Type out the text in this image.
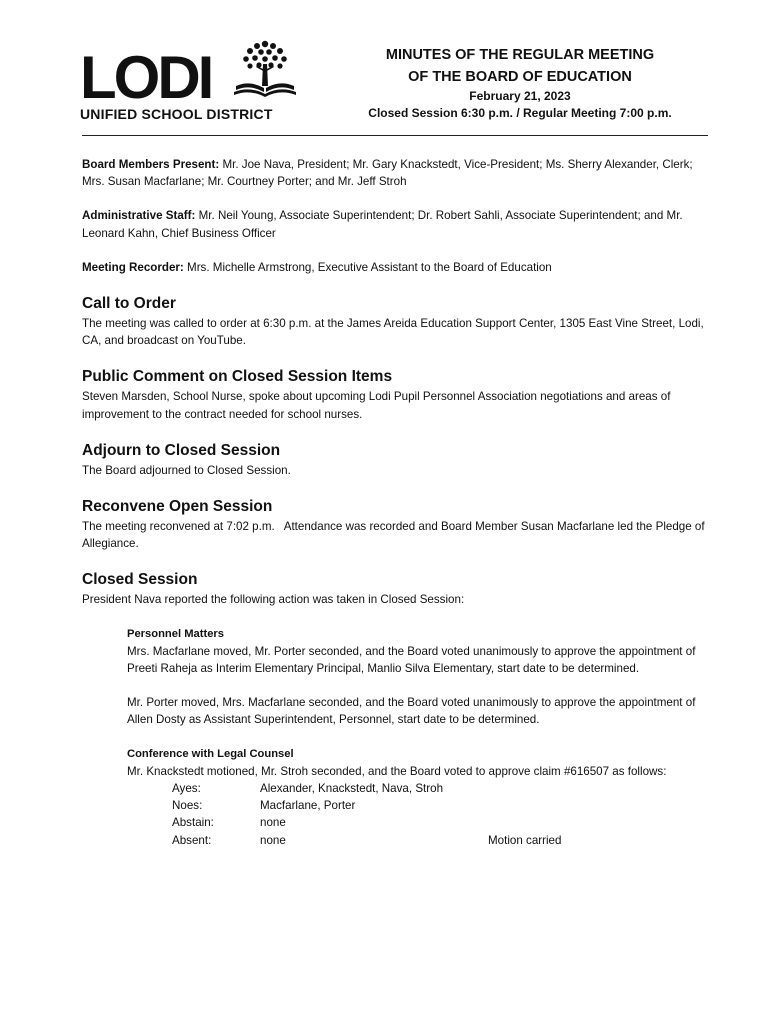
LODI
UNIFIED SCHOOL DISTRICT
MINUTES OF THE REGULAR MEETING
OF THE BOARD OF EDUCATION
February 21, 2023
Closed Session 6:30 p.m. / Regular Meeting 7:00 p.m.

Board Members Present: Mr. Joe Nava, President; Mr. Gary Knackstedt, Vice-President; Ms. Sherry Alexander, Clerk; Mrs. Susan Macfarlane; Mr. Courtney Porter; and Mr. Jeff Stroh

Administrative Staff: Mr. Neil Young, Associate Superintendent; Dr. Robert Sahli, Associate Superintendent; and Mr. Leonard Kahn, Chief Business Officer

Meeting Recorder: Mrs. Michelle Armstrong, Executive Assistant to the Board of Education

Call to Order

The meeting was called to order at 6:30 p.m. at the James Areida Education Support Center, 1305 East Vine Street, Lodi, CA, and broadcast on YouTube.

Public Comment on Closed Session Items

Steven Marsden, School Nurse, spoke about upcoming Lodi Pupil Personnel Association negotiations and areas of improvement to the contract needed for school nurses.

Adjourn to Closed Session

The Board adjourned to Closed Session.

Reconvene Open Session

The meeting reconvened at 7:02 p.m.   Attendance was recorded and Board Member Susan Macfarlane led the Pledge of Allegiance.

Closed Session

President Nava reported the following action was taken in Closed Session:

Personnel Matters

Mrs. Macfarlane moved, Mr. Porter seconded, and the Board voted unanimously to approve the appointment of Preeti Raheja as Interim Elementary Principal, Manlio Silva Elementary, start date to be determined.

Mr. Porter moved, Mrs. Macfarlane seconded, and the Board voted unanimously to approve the appointment of Allen Dosty as Assistant Superintendent, Personnel, start date to be determined.

Conference with Legal Counsel

Mr. Knackstedt motioned, Mr. Stroh seconded, and the Board voted to approve claim #616507 as follows:

Ayes:	Alexander, Knackstedt, Nava, Stroh
Noes:	Macfarlane, Porter
Abstain:	none
Absent:	none	Motion carried
